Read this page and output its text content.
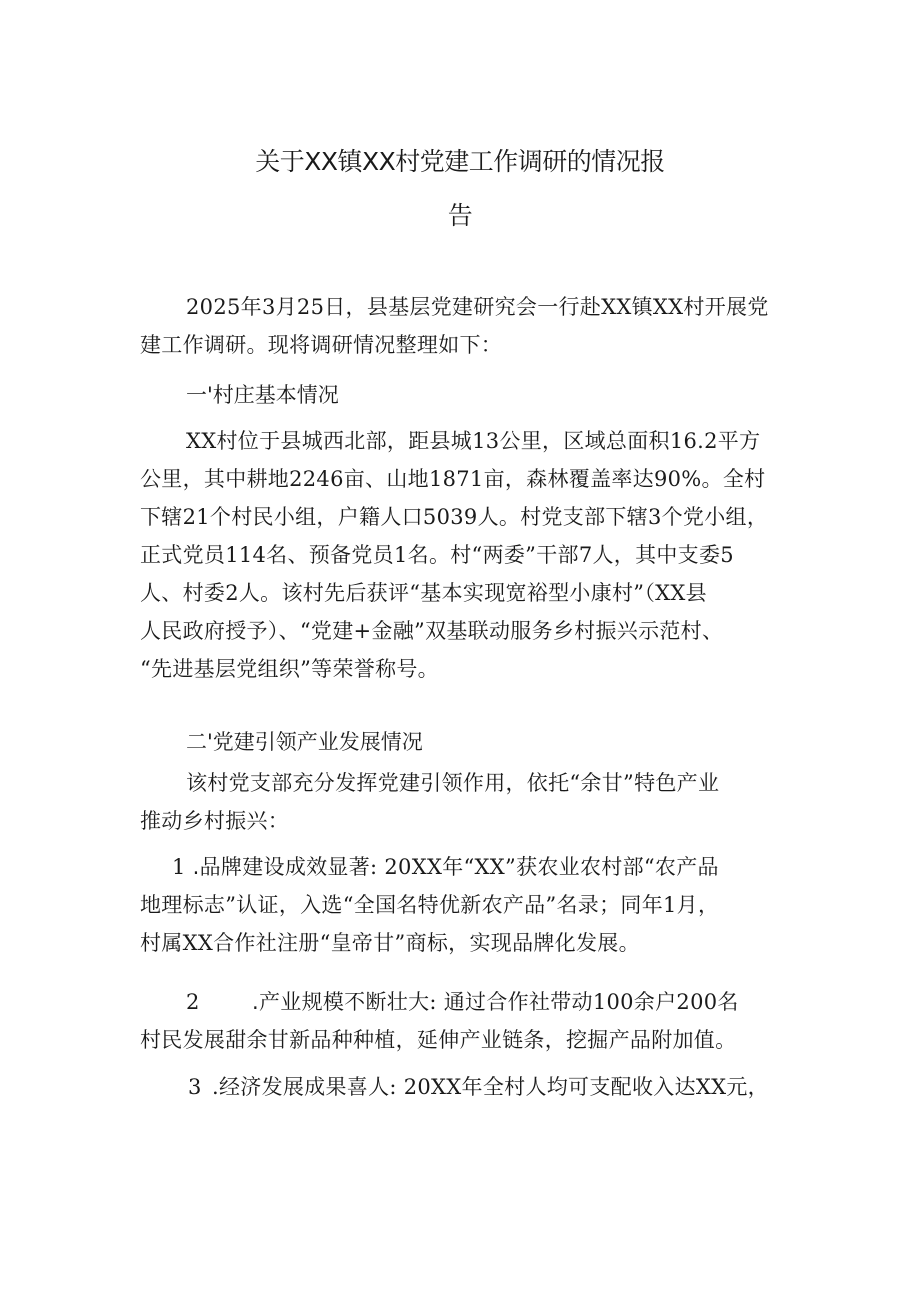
关于XX镇XX村党建工作调研的情况报
告
2025年3月25日，县基层党建研究会一行赴XX镇XX村开展党
建工作调研。现将调研情况整理如下：
一'村庄基本情况
XX村位于县城西北部，距县城13公里，区域总面积16.2平方
公里，其中耕地2246亩、山地1871亩，森林覆盖率达90%。全村
下辖21个村民小组，户籍人口5039人。村党支部下辖3个党小组，
正式党员114名、预备党员1名。村“两委”干部7人，其中支委5
人、村委2人。该村先后获评“基本实现宽裕型小康村”（XX县
人民政府授予）、“党建+金融”双基联动服务乡村振兴示范村、
“先进基层党组织”等荣誉称号。
二'党建引领产业发展情况
该村党支部充分发挥党建引领作用，依托“余甘”特色产业
推动乡村振兴：
1 .品牌建设成效显著: 20XX年“XX”获农业农村部“农产品
地理标志”认证，入选“全国名特优新农产品”名录；同年1月，
村属XX合作社注册“皇帝甘”商标，实现品牌化发展。
2 .产业规模不断壮大: 通过合作社带动100余户200名
村民发展甜余甘新品种种植，延伸产业链条，挖掘产品附加值。
3 .经济发展成果喜人: 20XX年全村人均可支配收入达XX元，
